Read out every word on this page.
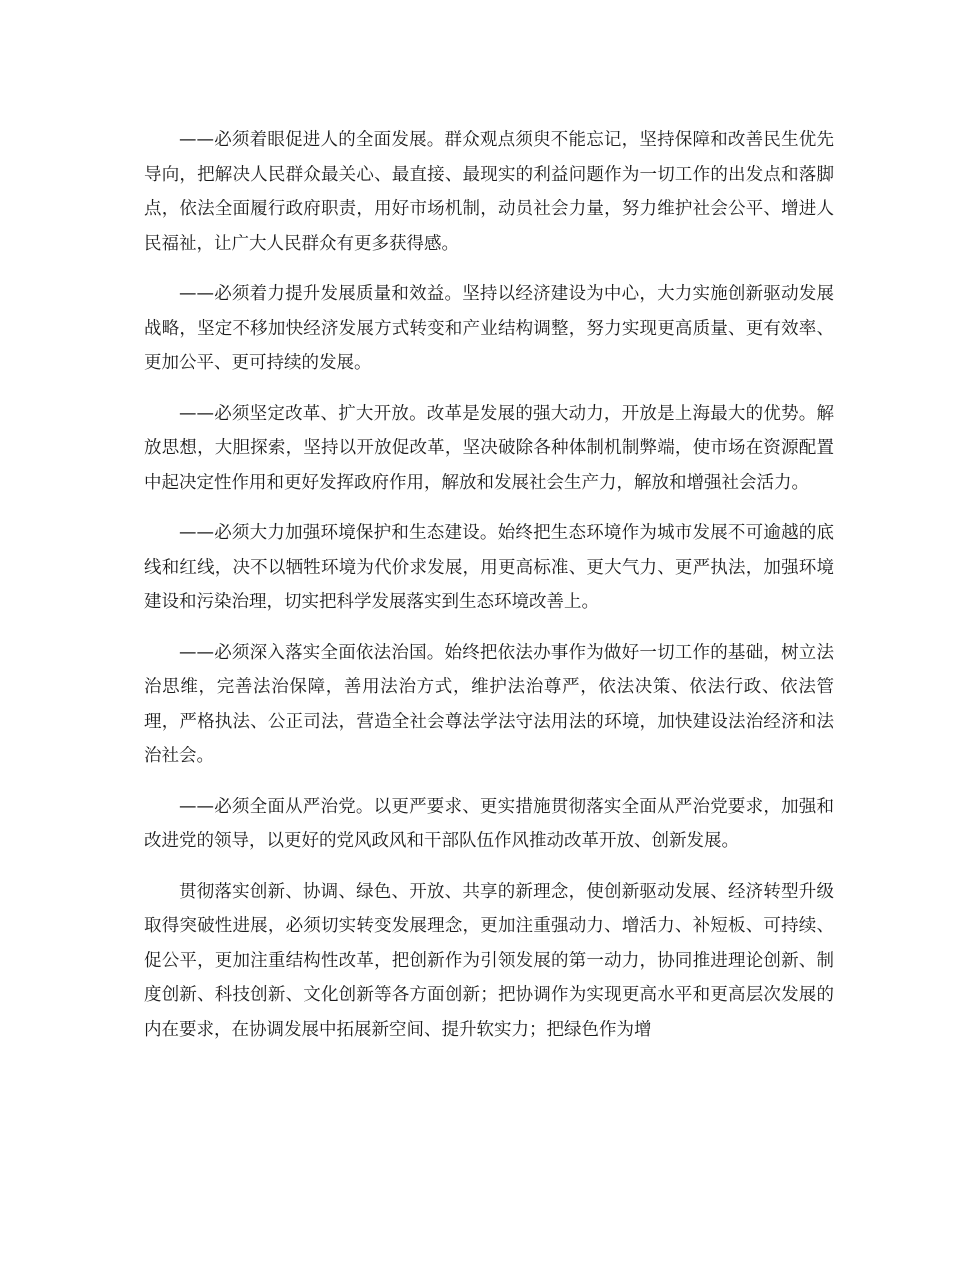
——必须着眼促进人的全面发展。群众观点须臾不能忘记，坚持保障和改善民生优先导向，把解决人民群众最关心、最直接、最现实的利益问题作为一切工作的出发点和落脚点，依法全面履行政府职责，用好市场机制，动员社会力量，努力维护社会公平、增进人民福祉，让广大人民群众有更多获得感。

——必须着力提升发展质量和效益。坚持以经济建设为中心，大力实施创新驱动发展战略，坚定不移加快经济发展方式转变和产业结构调整，努力实现更高质量、更有效率、更加公平、更可持续的发展。

——必须坚定改革、扩大开放。改革是发展的强大动力，开放是上海最大的优势。解放思想，大胆探索，坚持以开放促改革，坚决破除各种体制机制弊端，使市场在资源配置中起决定性作用和更好发挥政府作用，解放和发展社会生产力，解放和增强社会活力。

——必须大力加强环境保护和生态建设。始终把生态环境作为城市发展不可逾越的底线和红线，决不以牺牲环境为代价求发展，用更高标准、更大气力、更严执法，加强环境建设和污染治理，切实把科学发展落实到生态环境改善上。

——必须深入落实全面依法治国。始终把依法办事作为做好一切工作的基础，树立法治思维，完善法治保障，善用法治方式，维护法治尊严，依法决策、依法行政、依法管理，严格执法、公正司法，营造全社会尊法学法守法用法的环境，加快建设法治经济和法治社会。

——必须全面从严治党。以更严要求、更实措施贯彻落实全面从严治党要求，加强和改进党的领导，以更好的党风政风和干部队伍作风推动改革开放、创新发展。

贯彻落实创新、协调、绿色、开放、共享的新理念，使创新驱动发展、经济转型升级取得突破性进展，必须切实转变发展理念，更加注重强动力、增活力、补短板、可持续、促公平，更加注重结构性改革，把创新作为引领发展的第一动力，协同推进理论创新、制度创新、科技创新、文化创新等各方面创新；把协调作为实现更高水平和更高层次发展的内在要求，在协调发展中拓展新空间、提升软实力；把绿色作为增
